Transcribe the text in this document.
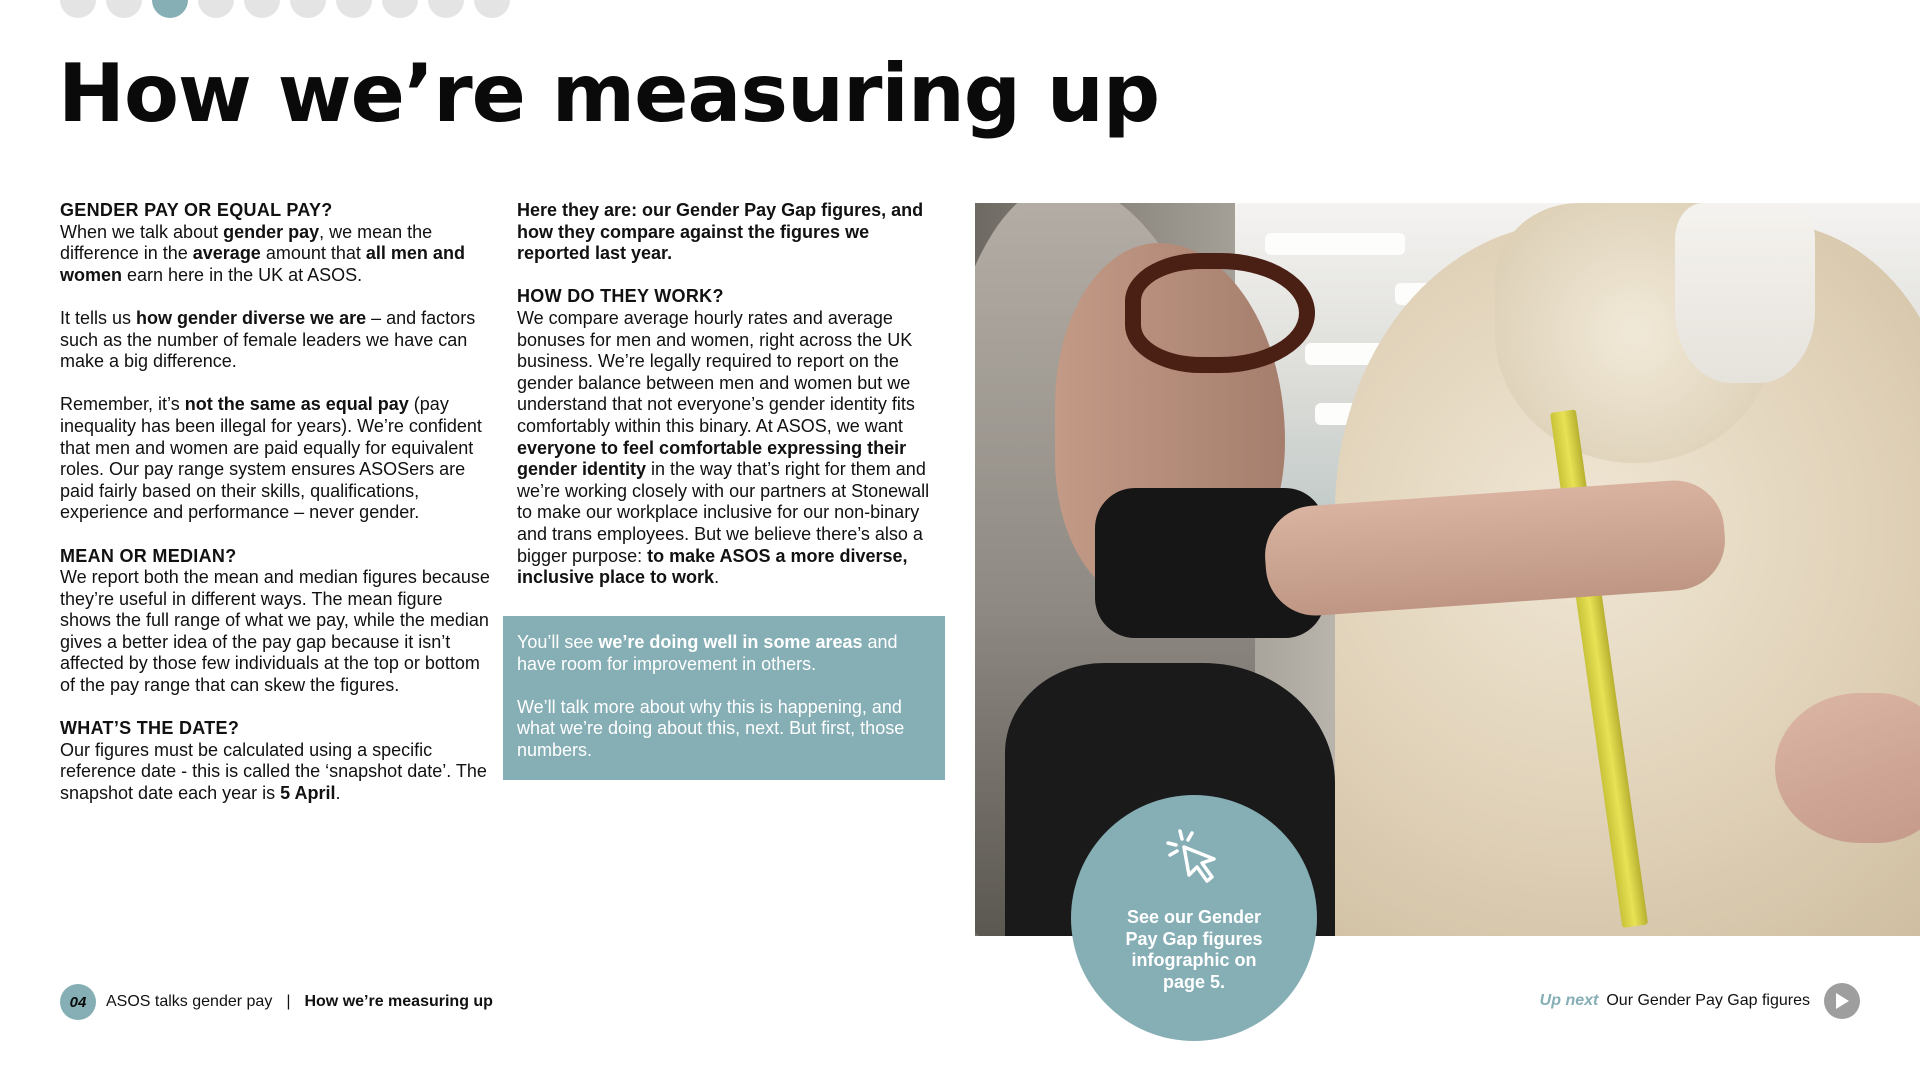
How we’re measuring up
GENDER PAY OR EQUAL PAY?

When we talk about gender pay, we mean the difference in the average amount that all men and women earn here in the UK at ASOS.

It tells us how gender diverse we are – and factors such as the number of female leaders we have can make a big difference.

Remember, it’s not the same as equal pay (pay inequality has been illegal for years). We’re confident that men and women are paid equally for equivalent roles. Our pay range system ensures ASOSers are paid fairly based on their skills, qualifications, experience and performance – never gender.

MEAN OR MEDIAN?

We report both the mean and median figures because they’re useful in different ways. The mean figure shows the full range of what we pay, while the median gives a better idea of the pay gap because it isn’t affected by those few individuals at the top or bottom of the pay range that can skew the figures.

WHAT’S THE DATE?

Our figures must be calculated using a specific reference date - this is called the ‘snapshot date’. The snapshot date each year is 5 April.

Here they are: our Gender Pay Gap figures, and how they compare against the figures we reported last year.

HOW DO THEY WORK?

We compare average hourly rates and average bonuses for men and women, right across the UK business. We’re legally required to report on the gender balance between men and women but we understand that not everyone’s gender identity fits comfortably within this binary. At ASOS, we want everyone to feel comfortable expressing their gender identity in the way that’s right for them and we’re working closely with our partners at Stonewall to make our workplace inclusive for our non-binary and trans employees. But we believe there’s also a bigger purpose: to make ASOS a more diverse, inclusive place to work.

You’ll see we’re doing well in some areas and have room for improvement in others.

We’ll talk more about why this is happening, and what we’re doing about this, next. But first, those numbers.

See our Gender Pay Gap figures infographic on page 5.
04	ASOS talks gender pay | How we’re measuring up	Up next Our Gender Pay Gap figures
